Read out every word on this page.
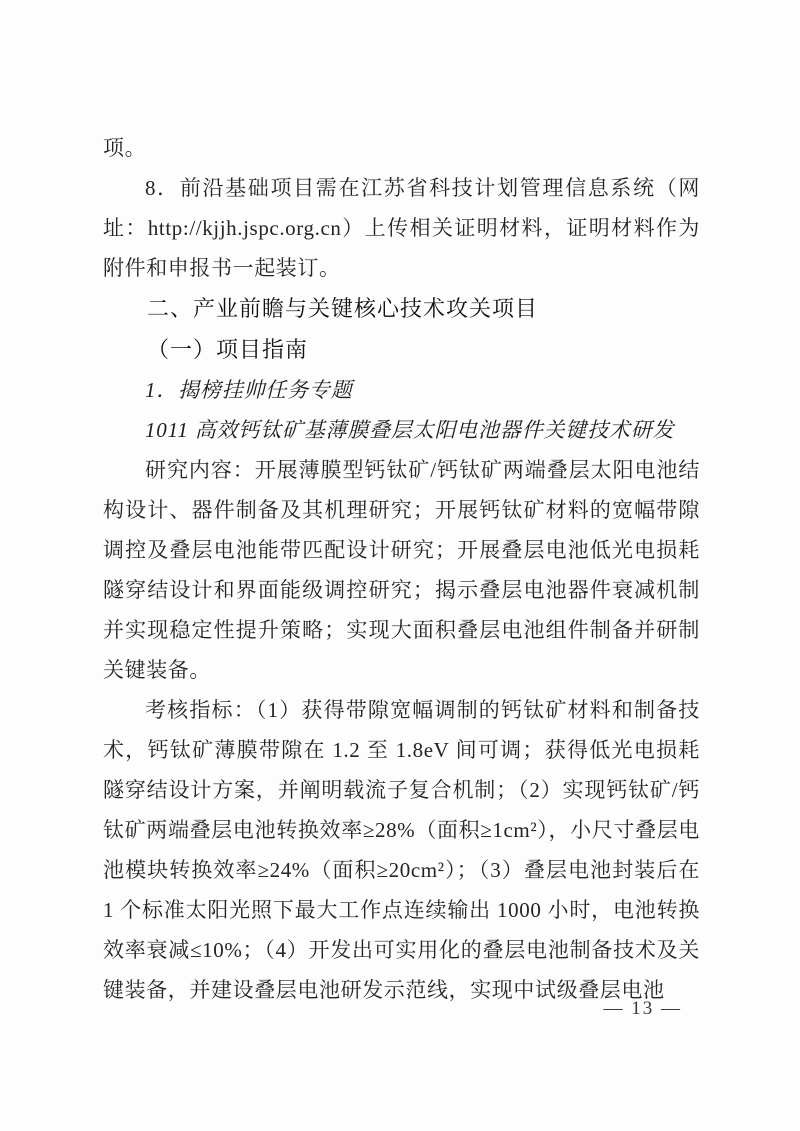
项。

8．前沿基础项目需在江苏省科技计划管理信息系统（网址：http://kjjh.jspc.org.cn）上传相关证明材料，证明材料作为附件和申报书一起装订。

二、产业前瞻与关键核心技术攻关项目
（一）项目指南

1．揭榜挂帅任务专题

1011 高效钙钛矿基薄膜叠层太阳电池器件关键技术研发

研究内容：开展薄膜型钙钛矿/钙钛矿两端叠层太阳电池结构设计、器件制备及其机理研究；开展钙钛矿材料的宽幅带隙调控及叠层电池能带匹配设计研究；开展叠层电池低光电损耗隧穿结设计和界面能级调控研究；揭示叠层电池器件衰减机制并实现稳定性提升策略；实现大面积叠层电池组件制备并研制关键装备。

考核指标：（1）获得带隙宽幅调制的钙钛矿材料和制备技术，钙钛矿薄膜带隙在 1.2 至 1.8eV 间可调；获得低光电损耗隧穿结设计方案，并阐明载流子复合机制；（2）实现钙钛矿/钙钛矿两端叠层电池转换效率≥28%（面积≥1cm²），小尺寸叠层电池模块转换效率≥24%（面积≥20cm²）；（3）叠层电池封装后在 1 个标准太阳光照下最大工作点连续输出 1000 小时，电池转换效率衰减≤10%；（4）开发出可实用化的叠层电池制备技术及关键装备，并建设叠层电池研发示范线，实现中试级叠层电池

— 13 —
